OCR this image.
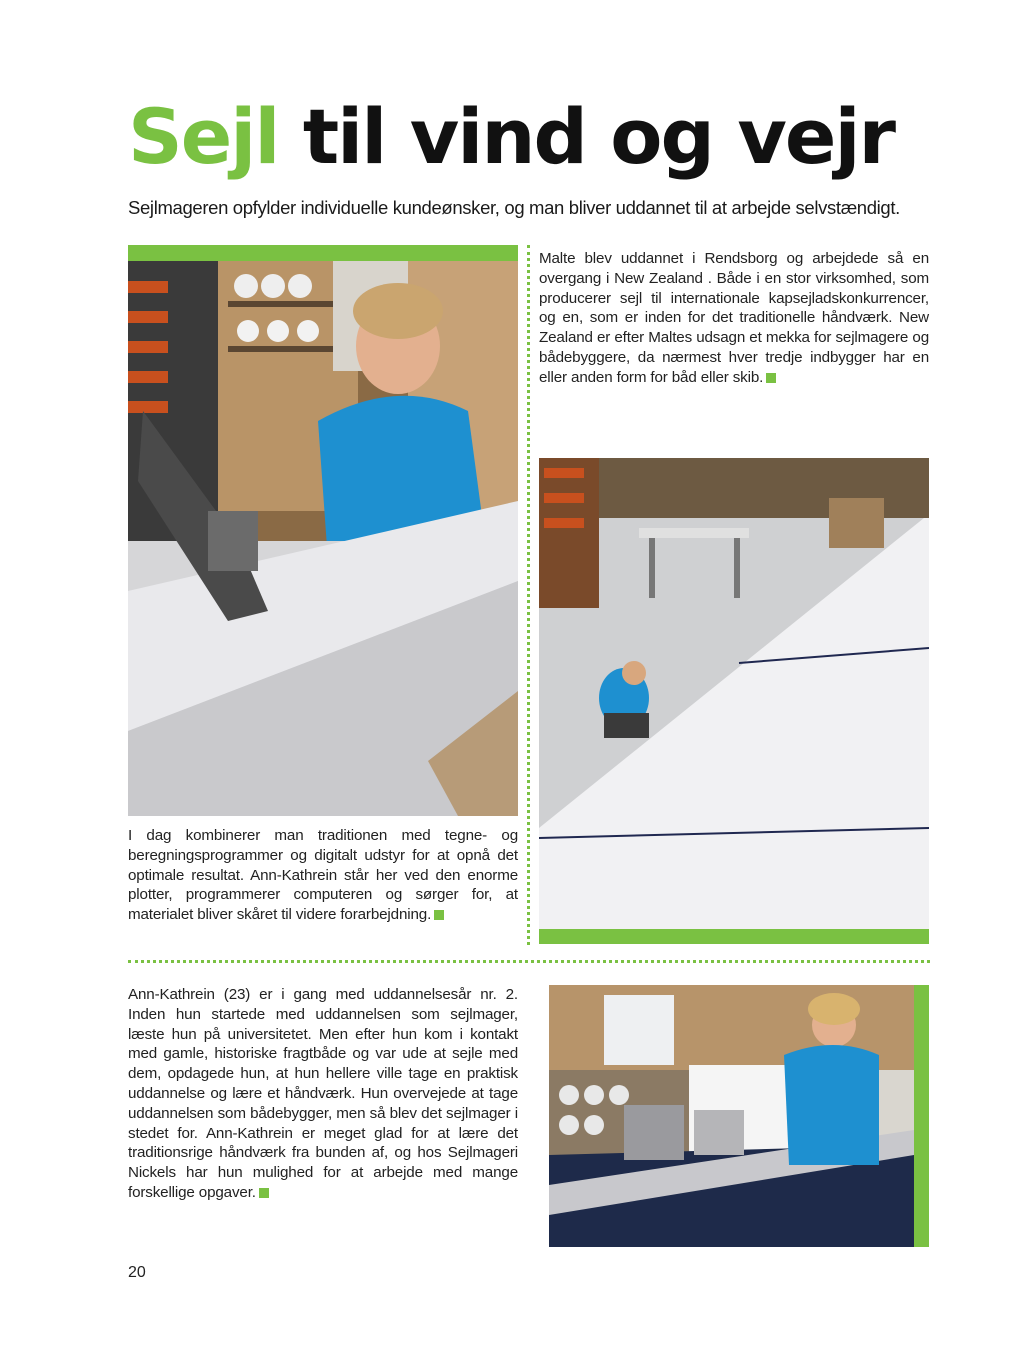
Sejl til vind og vejr
Sejlmageren opfylder individuelle kundeønsker, og man bliver uddannet til at arbejde selvstændigt.
I dag kombinerer man traditionen med tegne- og beregningsprogrammer og digitalt udstyr for at opnå det optimale resultat. Ann-Kathrein står her ved den enorme plotter, programmerer computeren og sørger for, at materialet bliver skåret til videre forarbejdning.
Malte blev uddannet i Rendsborg og arbejdede så en overgang i New Zealand . Både i en stor virksomhed, som producerer sejl til internationale kapsejladskonkurrencer, og en, som er inden for det traditionelle håndværk. New Zealand er efter Maltes udsagn et mekka for sejlmagere og bådebyggere, da nærmest hver tredje indbygger har en eller anden form for båd eller skib.
Ann-Kathrein (23) er i gang med uddannelsesår nr. 2. Inden hun startede med uddannelsen som sejlmager, læste hun på universitetet. Men efter hun kom i kontakt med gamle, historiske fragtbåde og var ude at sejle med dem, opdagede hun, at hun hellere ville tage en praktisk uddannelse og lære et håndværk. Hun overvejede at tage uddannelsen som bådebygger, men så blev det sejlmager i stedet for. Ann-Kathrein er meget glad for at lære det traditionsrige håndværk fra bunden af, og hos Sejlmageri Nickels har hun mulighed for at arbejde med mange forskellige opgaver.
20
